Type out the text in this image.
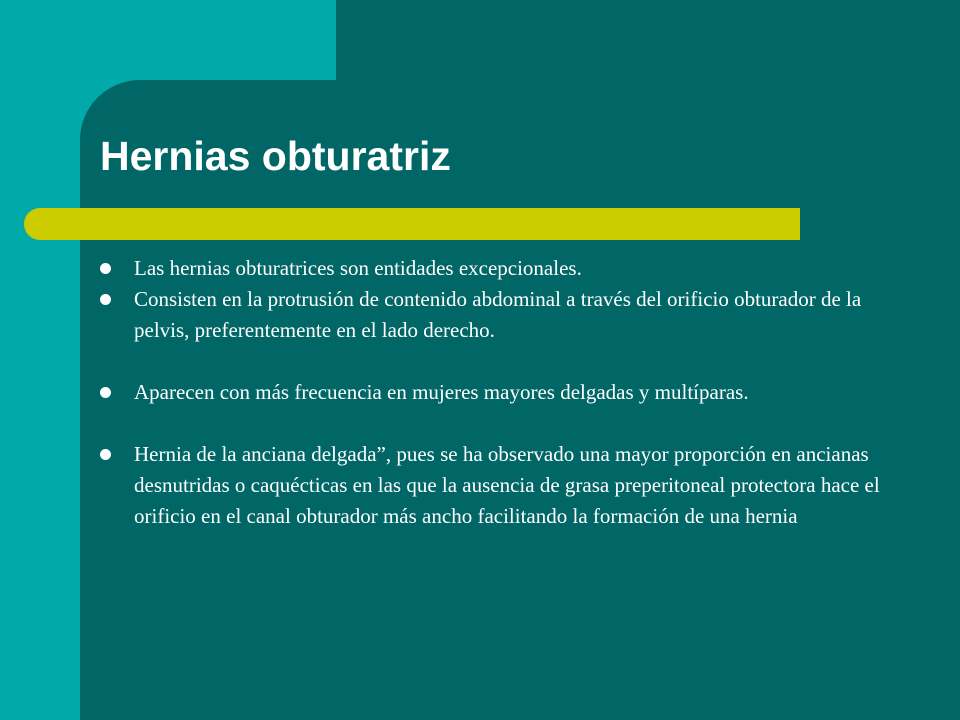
Hernias obturatriz
Las hernias obturatrices son entidades excepcionales.
Consisten en la protrusión de contenido abdominal a través del orificio obturador de la pelvis, preferentemente en el lado derecho.
Aparecen con más frecuencia en mujeres mayores delgadas y multíparas.
Hernia de la anciana delgada”, pues se ha observado una mayor proporción en ancianas desnutridas o caquécticas en las que la ausencia de grasa preperitoneal protectora hace el orificio en el canal obturador más ancho facilitando la formación de una hernia
